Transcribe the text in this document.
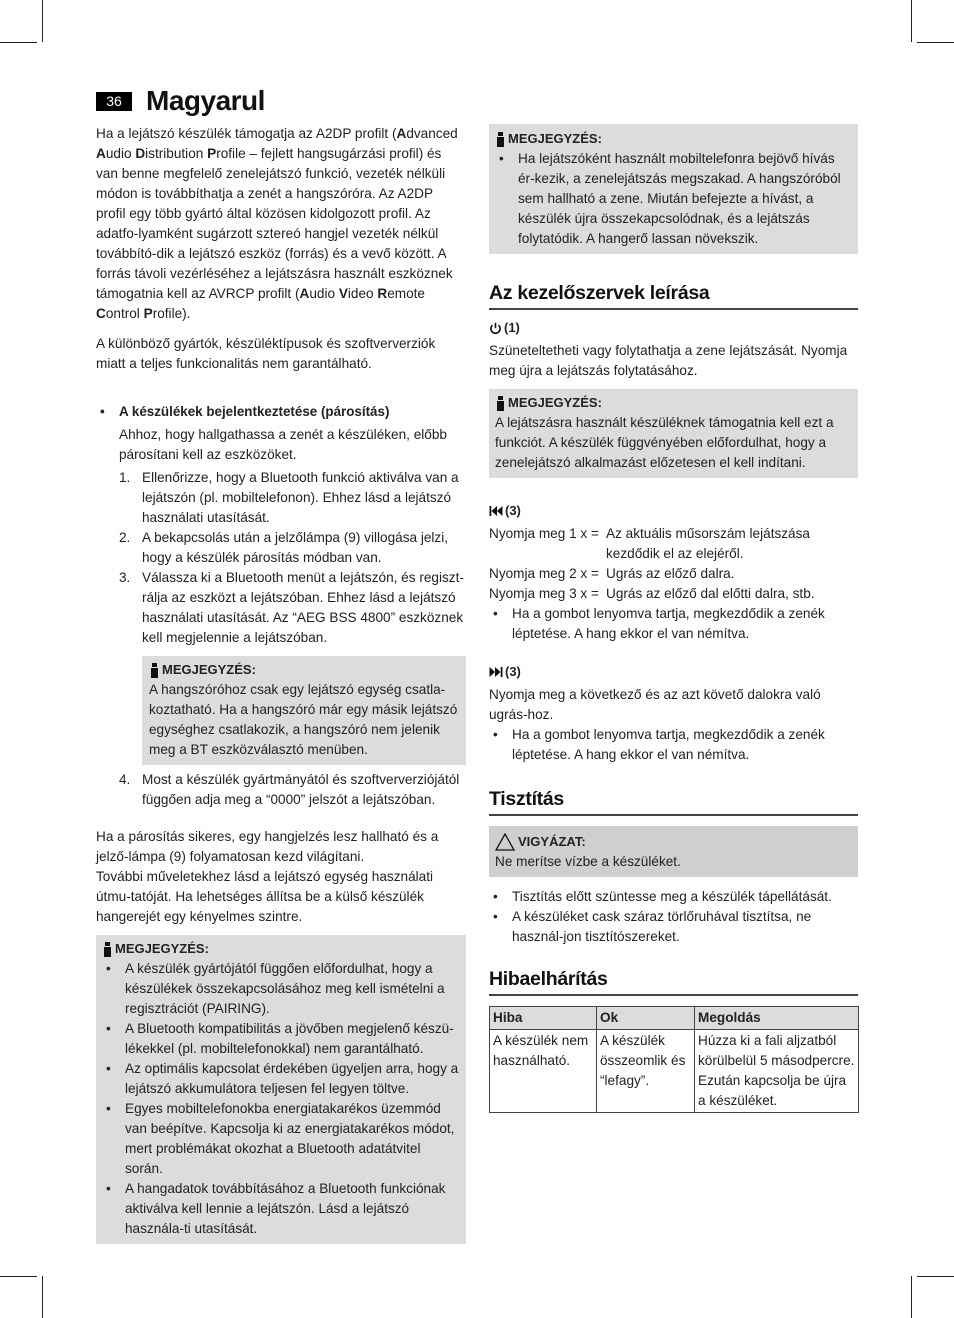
36 Magyarul

Ha a lejátszó készülék támogatja az A2DP profilt (Advanced Audio Distribution Profile – fejlett hangsugárzási profil) és van benne megfelelő zenelejátszó funkció, vezeték nélküli módon is továbbíthatja a zenét a hangszóróra. Az A2DP profil egy több gyártó által közösen kidolgozott profil. Az adatfo-lyamként sugárzott sztereó hangjel vezeték nélkül továbbító-dik a lejátszó eszköz (forrás) és a vevő között. A forrás távoli vezérléséhez a lejátszásra használt eszköznek támogatnia kell az AVRCP profilt (Audio Video Remote Control Profile).

A különböző gyártók, készüléktípusok és szoftververziók miatt a teljes funkcionalitás nem garantálható.

• A készülékek bejelentkeztetése (párosítás)

Ahhoz, hogy hallgathassa a zenét a készüléken, előbb párosítani kell az eszközöket.

1. Ellenőrizze, hogy a Bluetooth funkció aktiválva van a lejátszón (pl. mobiltelefonon). Ehhez lásd a lejátszó használati utasítását.
2. A bekapcsolás után a jelzőlámpa (9) villogása jelzi, hogy a készülék párosítás módban van.
3. Válassza ki a Bluetooth menüt a lejátszón, és regiszt-rálja az eszközt a lejátszóban. Ehhez lásd a lejátszó használati utasítását. Az “AEG BSS 4800” eszköznek kell megjelennie a lejátszóban.
MEGJEGYZÉS:

A hangszóróhoz csak egy lejátszó egység csatla-koztatható. Ha a hangszóró már egy másik lejátszó egységhez csatlakozik, a hangszóró nem jelenik meg a BT eszközválasztó menüben.

4. Most a készülék gyártmányától és szoftververziójától függően adja meg a “0000” jelszót a lejátszóban.

Ha a párosítás sikeres, egy hangjelzés lesz hallható és a jelző-lámpa (9) folyamatosan kezd világítani.

További műveletekhez lásd a lejátszó egység használati útmu-tatóját. Ha lehetséges állítsa be a külső készülék hangerejét egy kényelmes szintre.

MEGJEGYZÉS:
• A készülék gyártójától függően előfordulhat, hogy a készülékek összekapcsolásához meg kell ismételni a regisztrációt (PAIRING).
• A Bluetooth kompatibilitás a jövőben megjelenő készü-lékekkel (pl. mobiltelefonokkal) nem garantálható.
• Az optimális kapcsolat érdekében ügyeljen arra, hogy a lejátszó akkumulátora teljesen fel legyen töltve.
• Egyes mobiltelefonokba energiatakarékos üzemmód van beépítve. Kapcsolja ki az energiatakarékos módot, mert problémákat okozhat a Bluetooth adatátvitel során.
• A hangadatok továbbításához a Bluetooth funkciónak aktiválva kell lennie a lejátszón. Lásd a lejátszó használa-ti utasítását.
MEGJEGYZÉS:
• Ha lejátszóként használt mobiltelefonra bejövő hívás ér-kezik, a zenelejátszás megszakad. A hangszóróból sem hallható a zene. Miután befejezte a hívást, a készülék újra összekapcsolódnak, és a lejátszás folytatódik. A hangerő lassan növekszik.
Az kezelőszervek leírása
(1)

Szüneteltetheti vagy folytathatja a zene lejátszását. Nyomja meg újra a lejátszás folytatásához.

MEGJEGYZÉS:

A lejátszásra használt készüléknek támogatnia kell ezt a funkciót. A készülék függvényében előfordulhat, hogy a zenelejátszó alkalmazást előzetesen el kell indítani.

(3)
Nyomja meg 1 x = Az aktuális műsorszám lejátszása kezdődik el az elejéről.
Nyomja meg 2 x = Ugrás az előző dalra.
Nyomja meg 3 x = Ugrás az előző dal előtti dalra, stb.
• Ha a gombot lenyomva tartja, megkezdődik a zenék léptetése. A hang ekkor el van némítva.
(3)

Nyomja meg a következő és az azt követő dalokra való ugrás-hoz.

• Ha a gombot lenyomva tartja, megkezdődik a zenék léptetése. A hang ekkor el van némítva.
Tisztítás
VIGYÁZAT:

Ne merítse vízbe a készüléket.

• Tisztítás előtt szüntesse meg a készülék tápellátását.
• A készüléket cask száraz törlőruhával tisztítsa, ne használ-jon tisztítószereket.
Hibaelhárítás
Hiba	Ok	Megoldás
A készülék nem használható.	A készülék összeomlik és “lefagy”.	Húzza ki a fali aljzatból körülbelül 5 másodpercre. Ezután kapcsolja be újra a készüléket.
